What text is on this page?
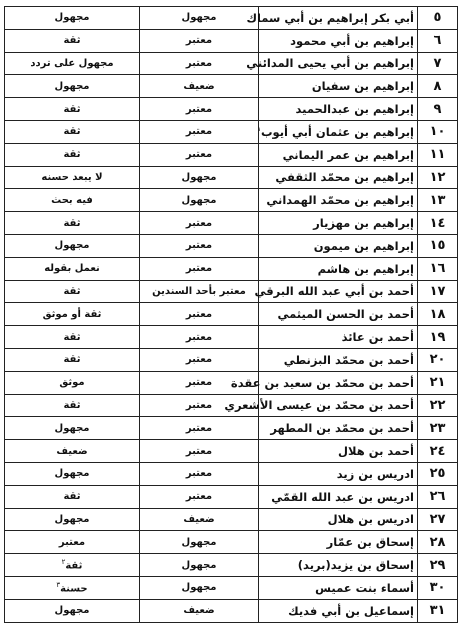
٥	أبي بكر إبراهيم بن أبي سماك	مجهول	مجهول
٦	إبراهيم بن أبي محمود	معتبر	ثقة
٧	إبراهيم بن أبي يحيى المدائني	معتبر	مجهول على تردد
٨	إبراهيم بن سفيان	ضعيف	مجهول
٩	إبراهيم بن عبدالحميد	معتبر	ثقة
١٠	إبراهيم بن عثمان أبي أيوب$^١$	معتبر	ثقة
١١	إبراهيم بن عمر اليماني	معتبر	ثقة
١٢	إبراهيم بن محمّد الثقفي	مجهول	لا يبعد حسنه
١٣	إبراهيم بن محمّد الهمداني	مجهول	فيه بحث
١٤	إبراهيم بن مهزيار	معتبر	ثقة
١٥	إبراهيم بن ميمون	معتبر	مجهول
١٦	إبراهيم بن هاشم	معتبر	نعمل بقوله
١٧	أحمد بن أبي عبد الله البرقي	معتبر بأحد السندين	ثقة
١٨	أحمد بن الحسن الميثمي	معتبر	ثقة أو موثق
١٩	أحمد بن عائذ	معتبر	ثقة
٢٠	أحمد بن محمّد البزنطي	معتبر	ثقة
٢١	أحمد بن محمّد بن سعيد بن عقدة	معتبر	موثق
٢٢	أحمد بن محمّد بن عيسى الأشعري	معتبر	ثقة
٢٣	أحمد بن محمّد بن المطهر	معتبر	مجهول
٢٤	أحمد بن هلال	معتبر	ضعيف
٢٥	ادريس بن زيد	معتبر	مجهول
٢٦	ادريس بن عبد الله القمّي	معتبر	ثقة
٢٧	ادريس بن هلال	ضعيف	مجهول
٢٨	إسحاق بن عمّار	مجهول	معتبر
٢٩	إسحاق بن يزيد(بريد)	مجهول	ثقة$^٢$
٣٠	أسماء بنت عميس	مجهول	حسنة$^٣$
٣١	إسماعيل بن أبي فديك	ضعيف	مجهول
